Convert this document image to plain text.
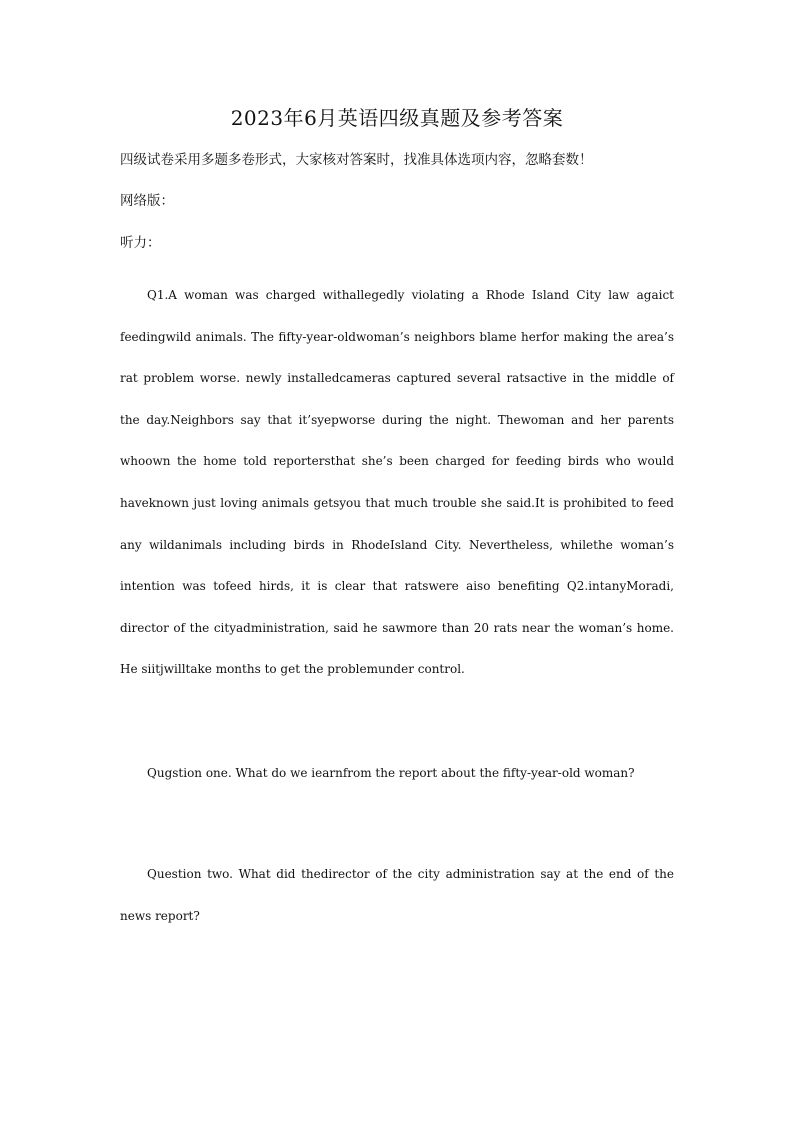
2023年6月英语四级真题及参考答案
四级试卷采用多题多卷形式，大家核对答案时，找准具体选项内容，忽略套数！
网络版：
听力：

Q1.A woman was charged withallegedly violating a Rhode Island City law agaict feedingwild animals. The fifty-year-oldwoman’s neighbors blame herfor making the area’s rat problem worse. newly installedcameras captured several ratsactive in the middle of the day.Neighbors say that it’syepworse during the night. Thewoman and her parents whoown the home told reportersthat she’s been charged for feeding birds who would haveknown just loving animals getsyou that much trouble she said.It is prohibited to feed any wildanimals including birds in RhodeIsland City. Nevertheless, whilethe woman’s intention was tofeed hirds, it is clear that ratswere aiso benefiting Q2.intanyMoradi, director of the cityadministration, said he sawmore than 20 rats near the woman’s home. He siitjwilltake months to get the problemunder control.

Qugstion one. What do we iearnfrom the report about the fifty-year-old woman?

Question two. What did thedirector of the city administration say at the end of the news report?
